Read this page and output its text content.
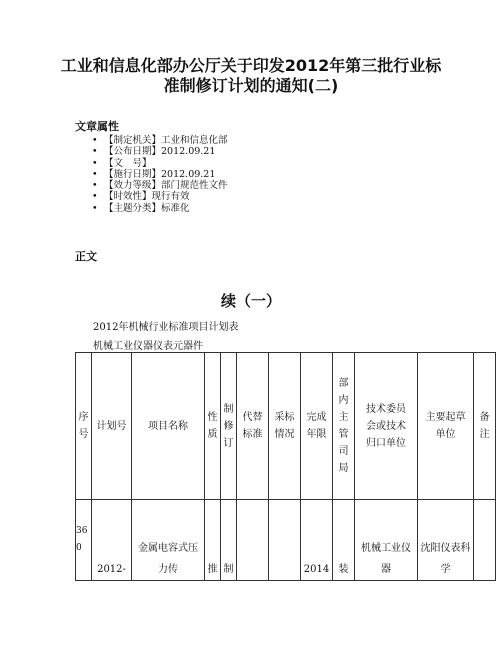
工业和信息化部办公厅关于印发2012年第三批行业标准制修订计划的通知(二)
文章属性
• 【制定机关】工业和信息化部
• 【公布日期】2012.09.21
• 【文　号】
• 【施行日期】2012.09.21
• 【效力等级】部门规范性文件
• 【时效性】现行有效
• 【主题分类】标准化
正文
续（一）
2012年机械行业标准项目计划表
机械工业仪器仪表元器件
序号	计划号	项目名称	性质	制修订	代替标准	采标情况	完成年限	部内主管司局	技术委员会或技术归口单位	主要起草单位	备注

360	2012-	金属电容式压力传	推	制			2014	装	机械工业仪器	沈阳仪表科学	
